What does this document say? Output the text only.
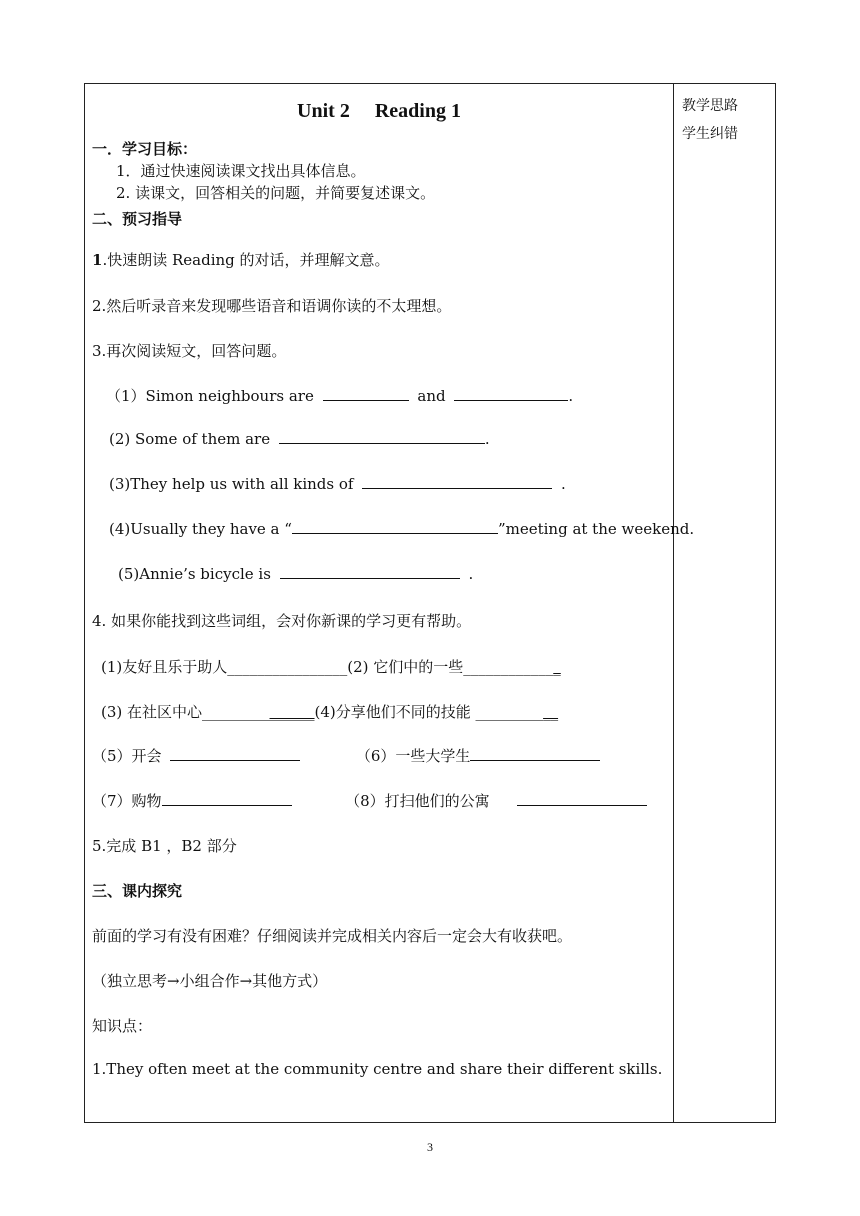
教学思路
学生纠错
Unit 2　 Reading 1
一．学习目标：
1．通过快速阅读课文找出具体信息。
2. 读课文，回答相关的问题，并简要复述课文。
二、预习指导
1.快速朗读 Reading 的对话，并理解文意。
2.然后听录音来发现哪些语音和语调你读的不太理想。
3.再次阅读短文，回答问题。
（1）Simon neighbours are	and	.
(2) Some of them are	.
(3)They help us with all kinds of	.
(4)Usually they have a “	”meeting at the weekend.
(5)Annie’s bicycle is	.
4. 如果你能找到这些词组，会对你新课的学习更有帮助。
(1)友好且乐于助人________________(2) 它们中的一些_____________
(3) 在社区中心_______________(4)分享他们不同的技能 ___________
（5）开会	（6）一些大学生
（7）购物	（8）打扫他们的公寓
5.完成 B1 ，B2 部分
三、课内探究
前面的学习有没有困难？仔细阅读并完成相关内容后一定会大有收获吧。
（独立思考→小组合作→其他方式）
知识点：
1.They often meet at the community centre and share their different skills.
3
